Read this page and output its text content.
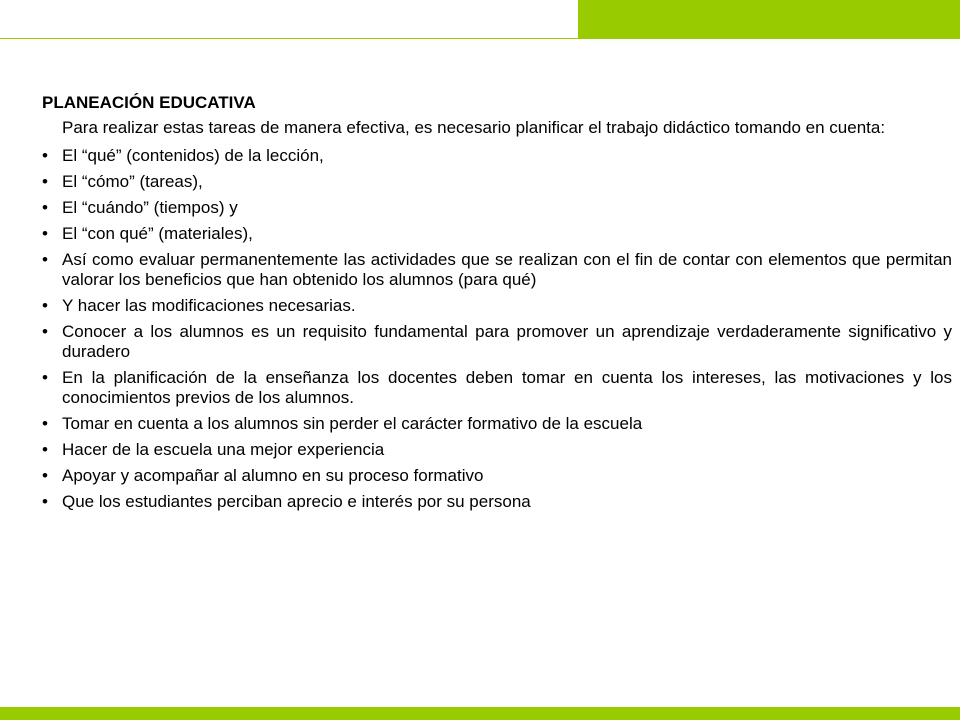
PLANEACIÓN EDUCATIVA

Para realizar estas tareas de manera efectiva, es necesario planificar el trabajo didáctico tomando en cuenta:

• El “qué” (contenidos) de la lección,
• El “cómo” (tareas),
• El “cuándo” (tiempos) y
• El “con qué” (materiales),
• Así como evaluar permanentemente las actividades que se realizan con el fin de contar con elementos que permitan valorar los beneficios que han obtenido los alumnos (para qué)
• Y hacer las modificaciones necesarias.
• Conocer a los alumnos es un requisito fundamental para promover un aprendizaje verdaderamente significativo y duradero
• En la planificación de la enseñanza los docentes deben tomar en cuenta los intereses, las motivaciones y los conocimientos previos de los alumnos.
• Tomar en cuenta a los alumnos sin perder el carácter formativo de la escuela
• Hacer de la escuela una mejor experiencia
• Apoyar y acompañar al alumno en su proceso formativo
• Que los estudiantes perciban aprecio e interés por su persona
